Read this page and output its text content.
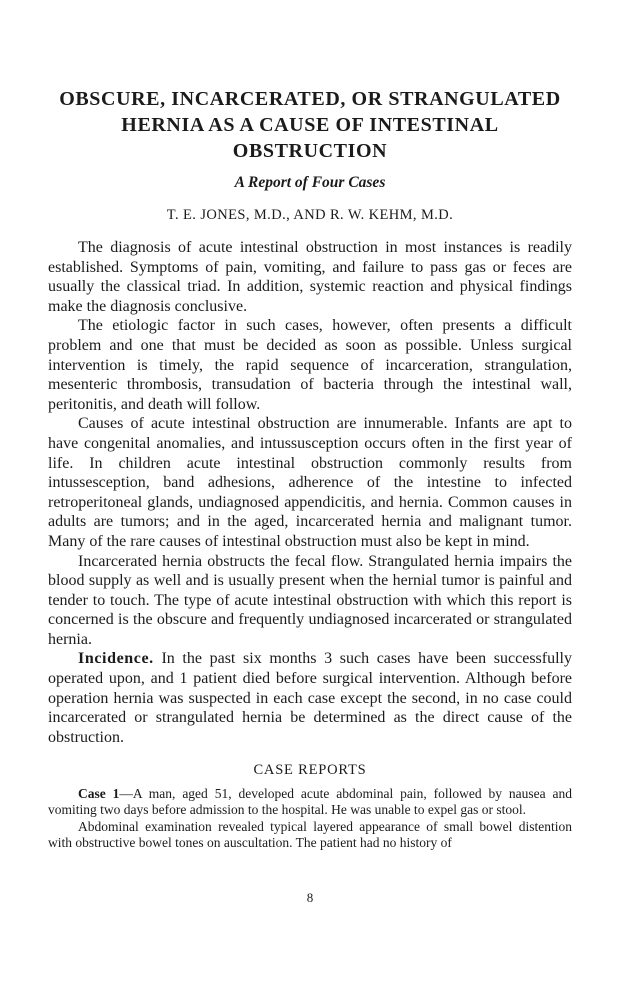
OBSCURE, INCARCERATED, OR STRANGULATED
HERNIA AS A CAUSE OF INTESTINAL
OBSTRUCTION

A Report of Four Cases

T. E. JONES, M.D., AND R. W. KEHM, M.D.

The diagnosis of acute intestinal obstruction in most instances is readily established. Symptoms of pain, vomiting, and failure to pass gas or feces are usually the classical triad. In addition, systemic reaction and physical findings make the diagnosis conclusive.

The etiologic factor in such cases, however, often presents a difficult problem and one that must be decided as soon as possible. Unless surgical intervention is timely, the rapid sequence of incarceration, strangulation, mesenteric thrombosis, transudation of bacteria through the intestinal wall, peritonitis, and death will follow.

Causes of acute intestinal obstruction are innumerable. Infants are apt to have congenital anomalies, and intussusception occurs often in the first year of life. In children acute intestinal obstruction commonly results from intussesception, band adhesions, adherence of the intestine to infected retroperitoneal glands, undiagnosed appendicitis, and hernia. Common causes in adults are tumors; and in the aged, incarcerated hernia and malignant tumor. Many of the rare causes of intestinal obstruction must also be kept in mind.

Incarcerated hernia obstructs the fecal flow. Strangulated hernia impairs the blood supply as well and is usually present when the hernial tumor is painful and tender to touch. The type of acute intestinal obstruction with which this report is concerned is the obscure and frequently undiagnosed incarcerated or strangulated hernia.

Incidence. In the past six months 3 such cases have been successfully operated upon, and 1 patient died before surgical intervention. Although before operation hernia was suspected in each case except the second, in no case could incarcerated or strangulated hernia be determined as the direct cause of the obstruction.

CASE REPORTS

Case 1—A man, aged 51, developed acute abdominal pain, followed by nausea and vomiting two days before admission to the hospital. He was unable to expel gas or stool.

Abdominal examination revealed typical layered appearance of small bowel distention with obstructive bowel tones on auscultation. The patient had no history of

8
